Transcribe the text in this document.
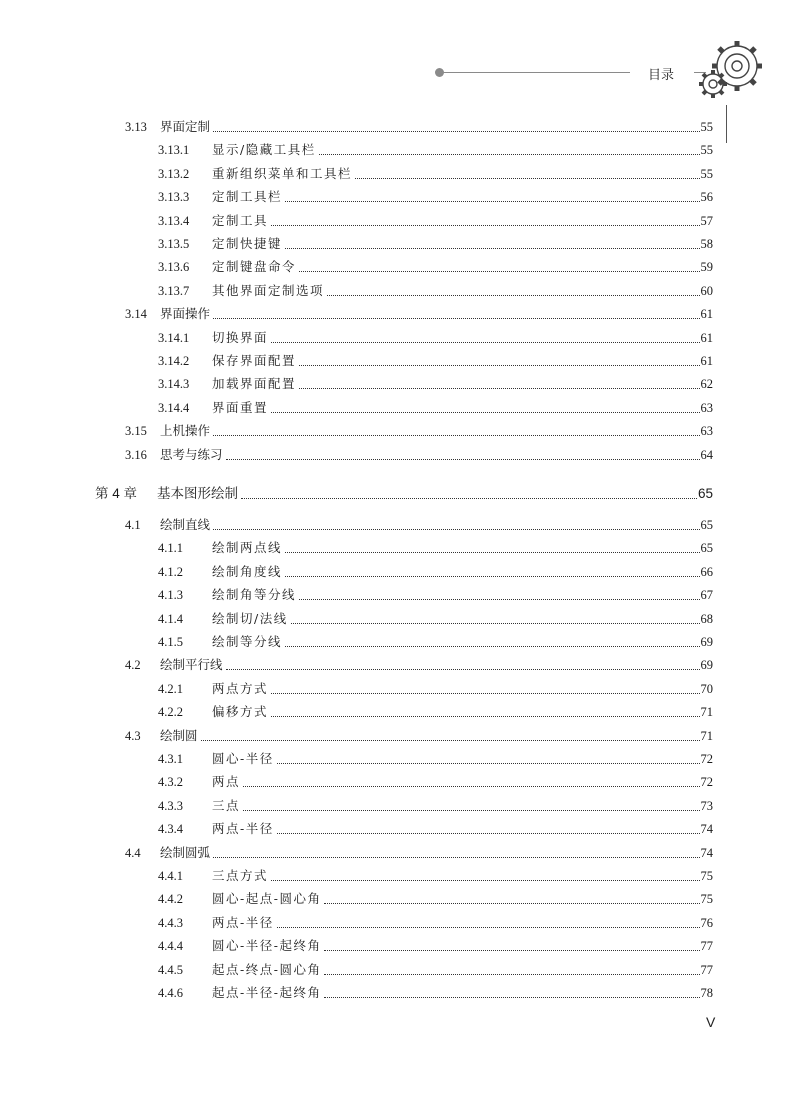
目录
3.13	界面定制	55
3.13.1	显示/隐藏工具栏	55
3.13.2	重新组织菜单和工具栏	55
3.13.3	定制工具栏	56
3.13.4	定制工具	57
3.13.5	定制快捷键	58
3.13.6	定制键盘命令	59
3.13.7	其他界面定制选项	60
3.14	界面操作	61
3.14.1	切换界面	61
3.14.2	保存界面配置	61
3.14.3	加载界面配置	62
3.14.4	界面重置	63
3.15	上机操作	63
3.16	思考与练习	64
第 4 章	基本图形绘制	65
4.1	绘制直线	65
4.1.1	绘制两点线	65
4.1.2	绘制角度线	66
4.1.3	绘制角等分线	67
4.1.4	绘制切/法线	68
4.1.5	绘制等分线	69
4.2	绘制平行线	69
4.2.1	两点方式	70
4.2.2	偏移方式	71
4.3	绘制圆	71
4.3.1	圆心-半径	72
4.3.2	两点	72
4.3.3	三点	73
4.3.4	两点-半径	74
4.4	绘制圆弧	74
4.4.1	三点方式	75
4.4.2	圆心-起点-圆心角	75
4.4.3	两点-半径	76
4.4.4	圆心-半径-起终角	77
4.4.5	起点-终点-圆心角	77
4.4.6	起点-半径-起终角	78
V
